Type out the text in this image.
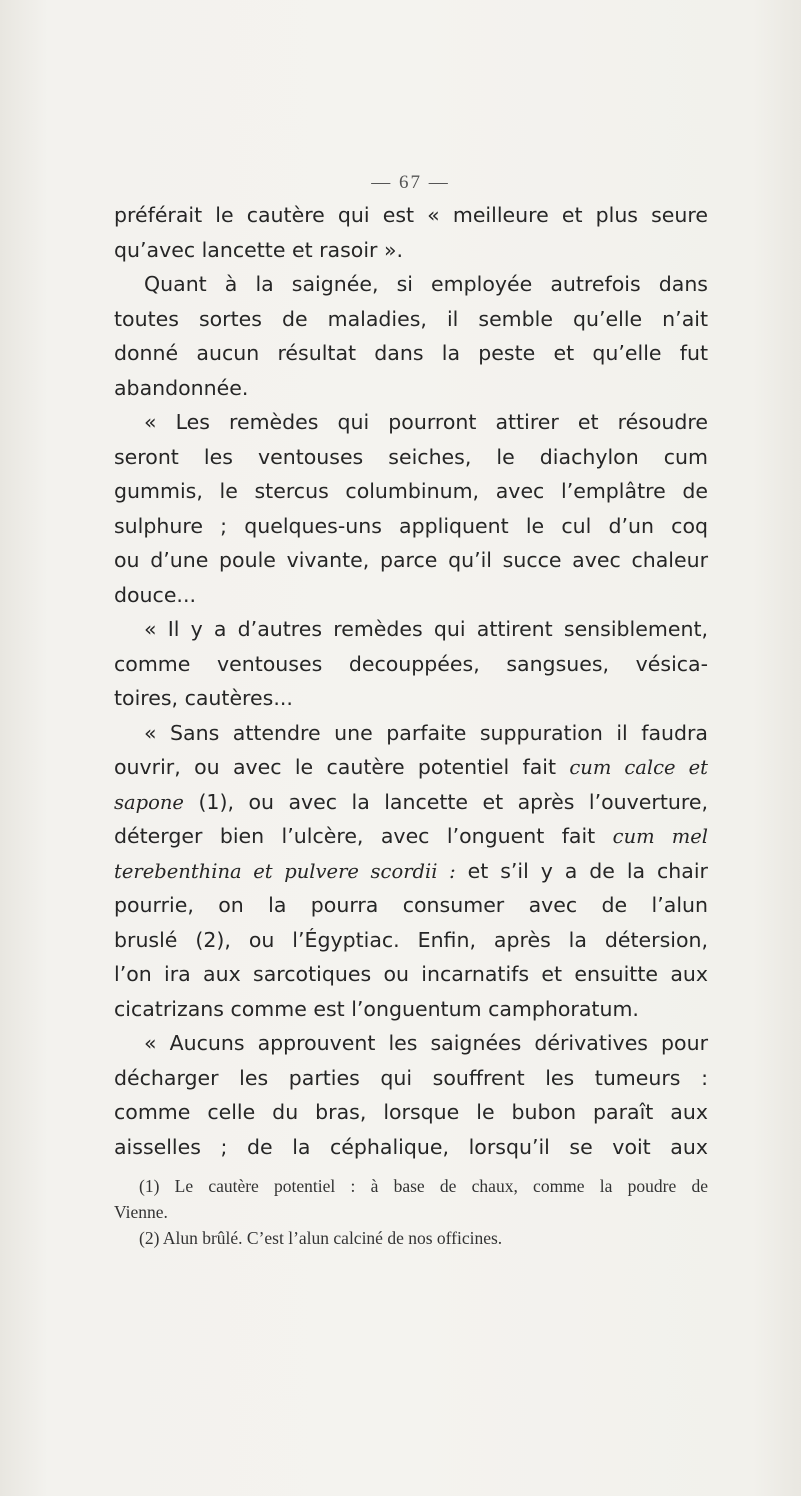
— 67 —
préférait le cautère qui est « meilleure et plus seure
qu’avec lancette et rasoir ».
Quant à la saignée, si employée autrefois dans
toutes sortes de maladies, il semble qu’elle n’ait
donné aucun résultat dans la peste et qu’elle fut
abandonnée.
« Les remèdes qui pourront attirer et résoudre
seront les ventouses seiches, le diachylon cum
gummis, le stercus columbinum, avec l’emplâtre de
sulphure ; quelques-uns appliquent le cul d’un coq
ou d’une poule vivante, parce qu’il succe avec chaleur
douce...
« Il y a d’autres remèdes qui attirent sensiblement,
comme ventouses decouppées, sangsues, vésica-
toires, cautères...
« Sans attendre une parfaite suppuration il faudra
ouvrir, ou avec le cautère potentiel fait cum calce et
sapone (1), ou avec la lancette et après l’ouverture,
déterger bien l’ulcère, avec l’onguent fait cum mel
terebenthina et pulvere scordii : et s’il y a de la chair
pourrie, on la pourra consumer avec de l’alun
bruslé (2), ou l’Égyptiac. Enfin, après la détersion,
l’on ira aux sarcotiques ou incarnatifs et ensuitte aux
cicatrizans comme est l’onguentum camphoratum.
« Aucuns approuvent les saignées dérivatives pour
décharger les parties qui souffrent les tumeurs :
comme celle du bras, lorsque le bubon paraît aux
aisselles ; de la céphalique, lorsqu’il se voit aux
(1) Le cautère potentiel : à base de chaux, comme la poudre de
Vienne.
(2) Alun brûlé. C’est l’alun calciné de nos officines.
